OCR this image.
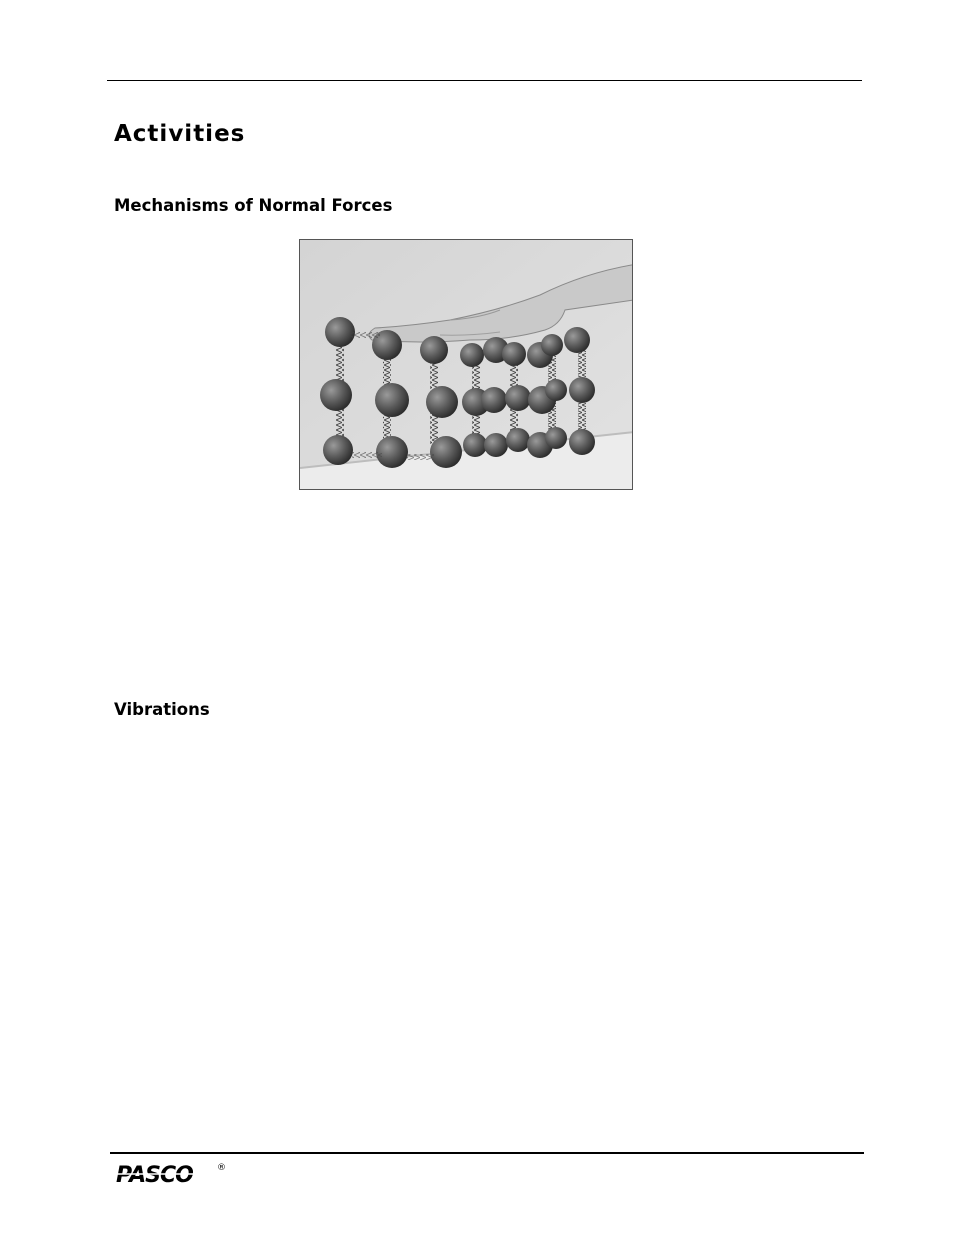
Activities
Mechanisms of Normal Forces
Vibrations
PASCO	®
